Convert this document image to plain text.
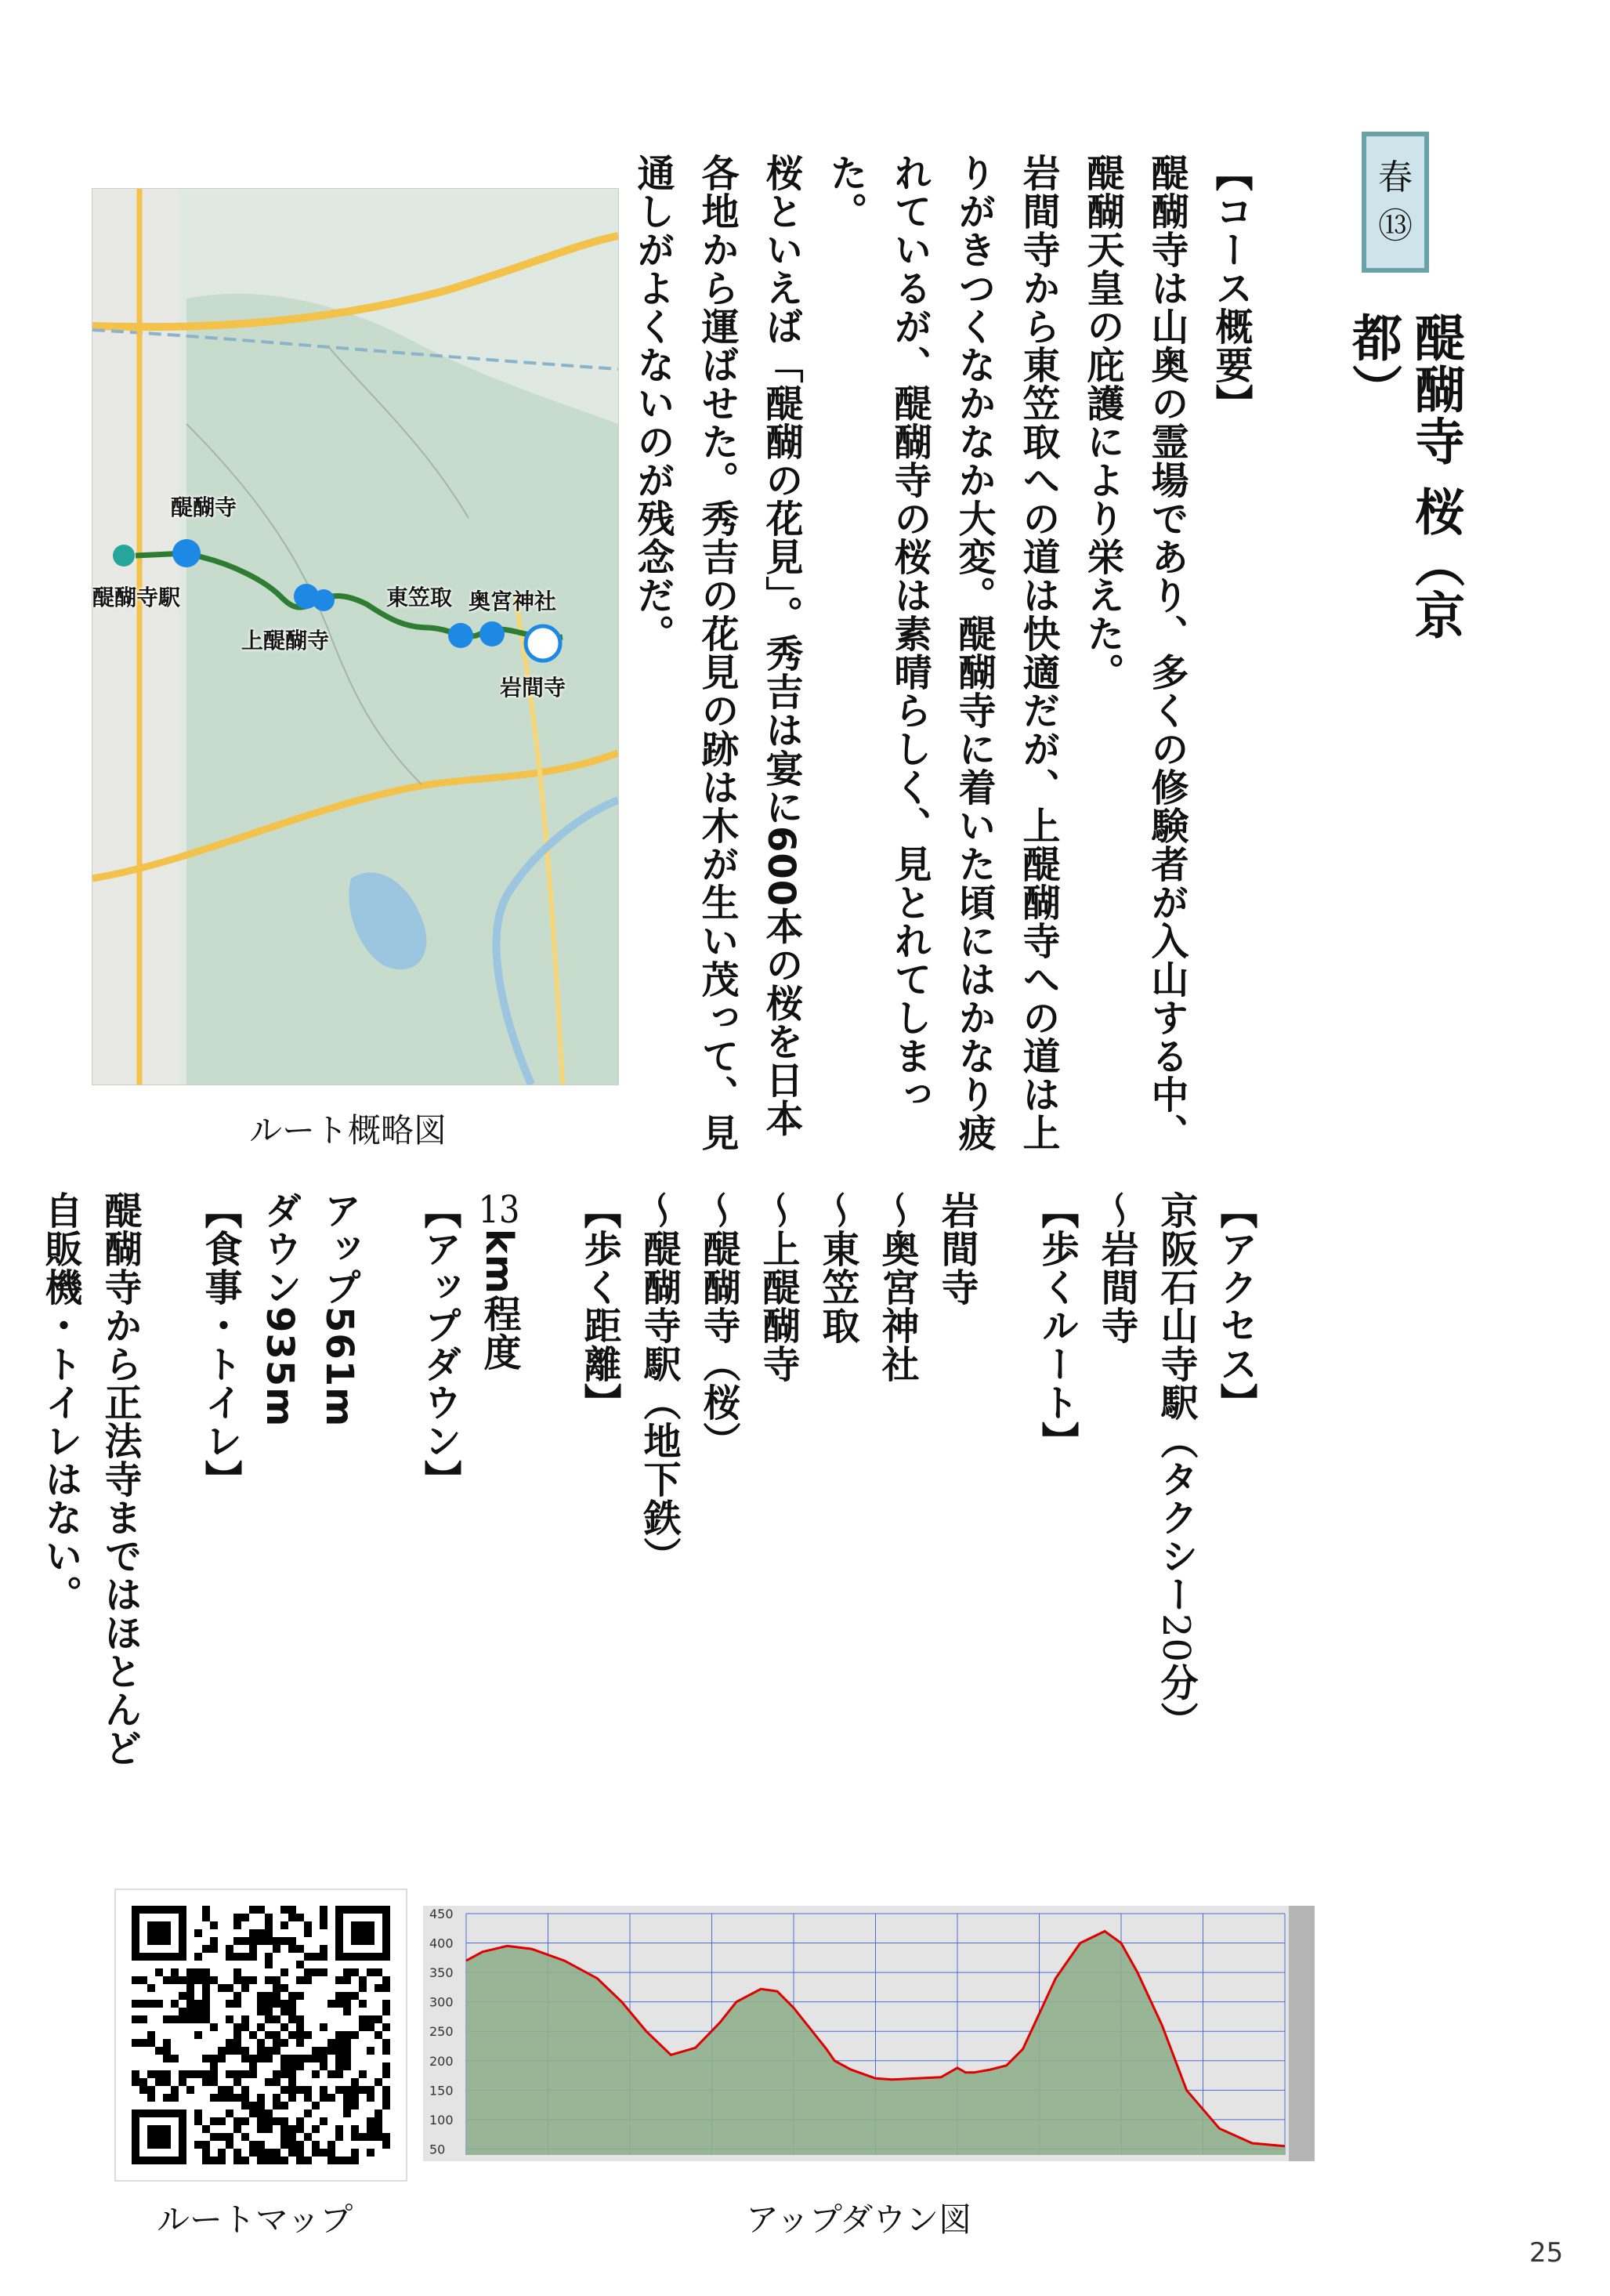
春
⑬
醍醐寺 桜（京都）

【コース概要】

醍醐寺は山奥の霊場であり、多くの修験者が入山する中、醍醐天皇の庇護により栄えた。

岩間寺から東笠取への道は快適だが、上醍醐寺への道は上りがきつくなかなか大変。醍醐寺に着いた頃にはかなり疲れているが、醍醐寺の桜は素晴らしく、見とれてしまった。

桜といえば「醍醐の花見」。秀吉は宴に600本の桜を日本各地から運ばせた。秀吉の花見の跡は木が生い茂って、見通しがよくないのが残念だ。

【アクセス】

京阪石山寺駅（タクシー20分）

～岩間寺

【歩くルート】

岩間寺

～奥宮神社

～東笠取

～上醍醐寺

～醍醐寺（桜）

～醍醐寺駅（地下鉄）

【歩く距離】

13km程度

【アップダウン】

アップ561m

ダウン935m

【食事・トイレ】

醍醐寺から正法寺まではほとんど

自販機・トイレはない。

醍醐寺
醍醐寺駅
上醍醐寺
東笠取 奥宮神社
岩間寺
ルート概略図
ルートマップ
450
400
350
300
250
200
150
100
50
アップダウン図
25
